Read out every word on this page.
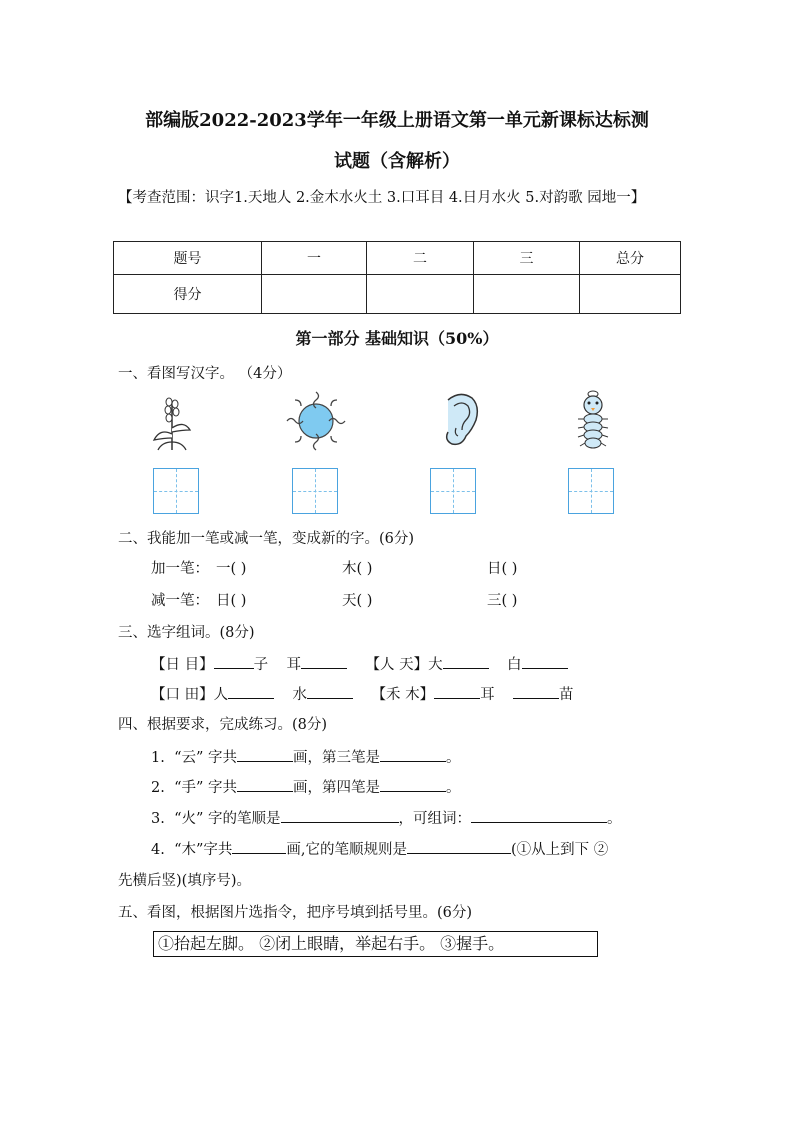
部编版2022-2023学年一年级上册语文第一单元新课标达标测
试题（含解析）
【考查范围：识字1.天地人 2.金木水火土 3.口耳目 4.日月水火 5.对韵歌 园地一】
题号	一	二	三	总分
得分				
第一部分 基础知识（50%）
一、看图写汉字。 （4分）
二、我能加一笔或减一笔，变成新的字。(6分)
加一笔： 一( )	木( )	日( )
减一笔： 日( )	天( )	三( )
三、选字组词。(8分)
【日 目】	子 耳	【人 天】大	白
【口 田】人	水	【禾 木】	耳	苗
四、根据要求，完成练习。(8分)
1. “云” 字共	画，第三笔是	。
2. “手” 字共	画，第四笔是	。
3. “火” 字的笔顺是	，可组词：	。
4. “木”字共	画,它的笔顺规则是	(①从上到下 ②
先横后竖)(填序号)。
五、看图，根据图片选指令，把序号填到括号里。(6分)
①抬起左脚。 ②闭上眼睛，举起右手。 ③握手。
